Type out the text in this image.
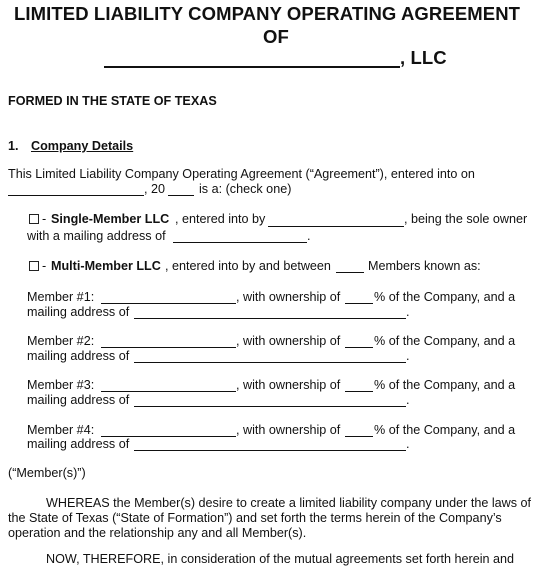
LIMITED LIABILITY COMPANY OPERATING AGREEMENT
OF
, LLC
FORMED IN THE STATE OF TEXAS
1. Company Details
This Limited Liability Company Operating Agreement (“Agreement”), entered into on
, 20	is a: (check one)
- Single-Member LLC , entered into by	, being the sole owner
with a mailing address of	.
- Multi-Member LLC , entered into by and between	Members known as:
Member #1:	, with ownership of	% of the Company, and a
mailing address of	.
Member #2:	, with ownership of	% of the Company, and a
mailing address of	.
Member #3:	, with ownership of	% of the Company, and a
mailing address of	.
Member #4:	, with ownership of	% of the Company, and a
mailing address of	.
(“Member(s)”)
WHEREAS the Member(s) desire to create a limited liability company under the laws of
the State of Texas (“State of Formation”) and set forth the terms herein of the Company’s
operation and the relationship any and all Member(s).
NOW, THEREFORE, in consideration of the mutual agreements set forth herein and
